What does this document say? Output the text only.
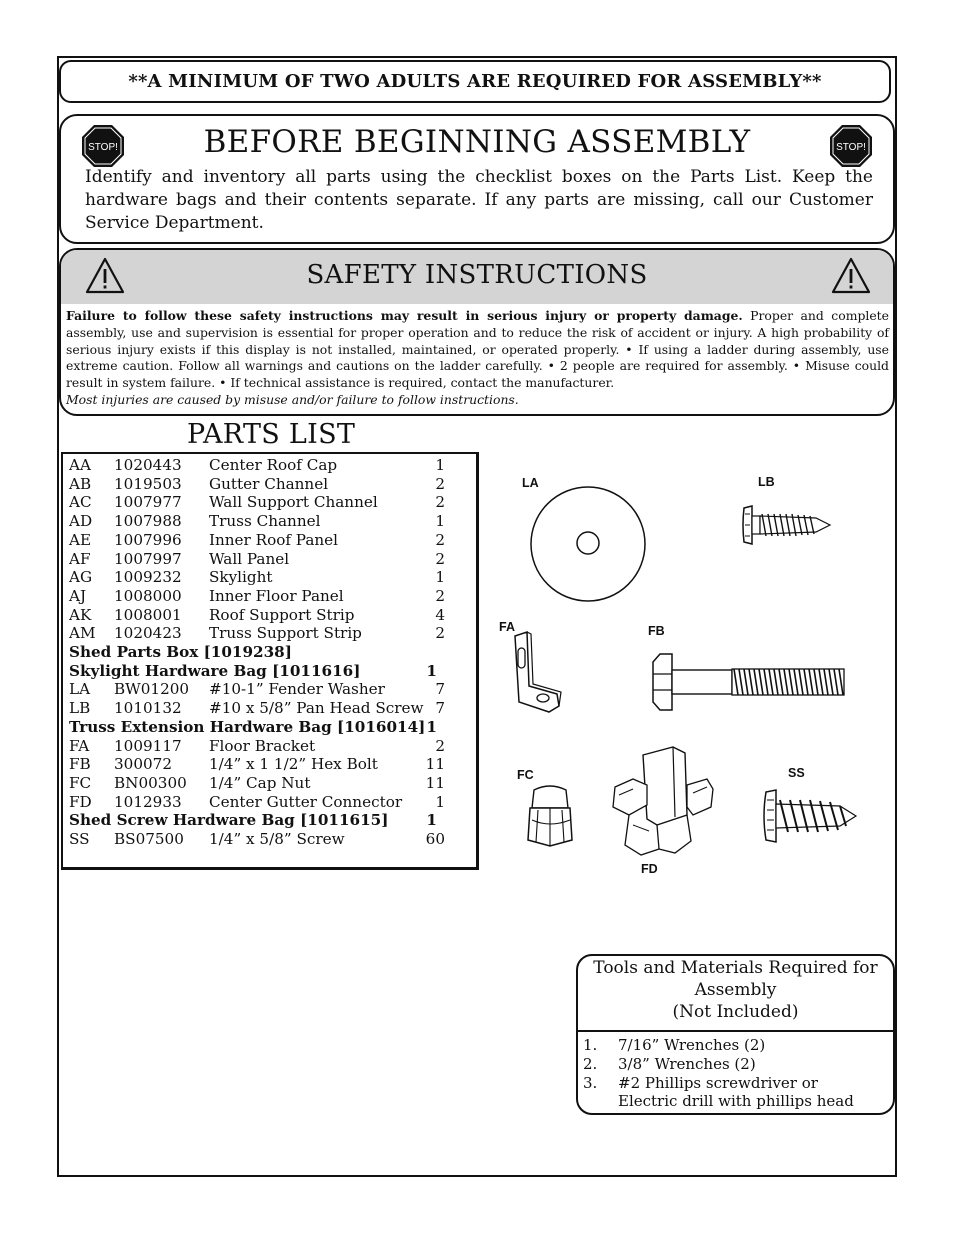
**A MINIMUM OF TWO ADULTS ARE REQUIRED FOR ASSEMBLY**
STOP!	BEFORE BEGINNING ASSEMBLY	STOP!

Identify and inventory all parts using the checklist boxes on the Parts List. Keep the hardware bags and their contents separate. If any parts are missing, call our Customer Service Department.

SAFETY INSTRUCTIONS
Failure to follow these safety instructions may result in serious injury or property damage. Proper and complete assembly, use and supervision is essential for proper operation and to reduce the risk of accident or injury. A high probability of serious injury exists if this display is not installed, maintained, or operated properly. • If using a ladder during assembly, use extreme caution. Follow all warnings and cautions on the ladder carefully. • 2 people are required for assembly. • Misuse could result in system failure. • If technical assistance is required, contact the manufacturer.
Most injuries are caused by misuse and/or failure to follow instructions.
PARTS LIST
AA 1020443 Center Roof Cap	1
AB 1019503 Gutter Channel	2
AC 1007977 Wall Support Channel	2
AD 1007988 Truss Channel	1
AE 1007996 Inner Roof Panel	2
AF 1007997 Wall Panel	2
AG 1009232 Skylight	1
AJ 1008000 Inner Floor Panel	2
AK 1008001 Roof Support Strip	4
AM 1020423 Truss Support Strip	2
Shed Parts Box [1019238]
Skylight Hardware Bag [1011616]	1
LA BW01200 #10-1” Fender Washer	7
LB 1010132 #10 x 5/8” Pan Head Screw 7
Truss Extension Hardware Bag [1016014] 1
FA 1009117 Floor Bracket	2
FB 300072 1/4” x 1 1/2” Hex Bolt	11
FC BN00300 1/4” Cap Nut	11
FD 1012933 Center Gutter Connector	1
Shed Screw Hardware Bag [1011615]	1
SS BS07500 1/4” x 5/8” Screw	60
LA	LB
FA	FB
FC
FD
SS
Tools and Materials Required for
Assembly
(Not Included)
1. 7/16” Wrenches (2)
2. 3/8” Wrenches (2)
3. #2 Phillips screwdriver or
Electric drill with phillips head
